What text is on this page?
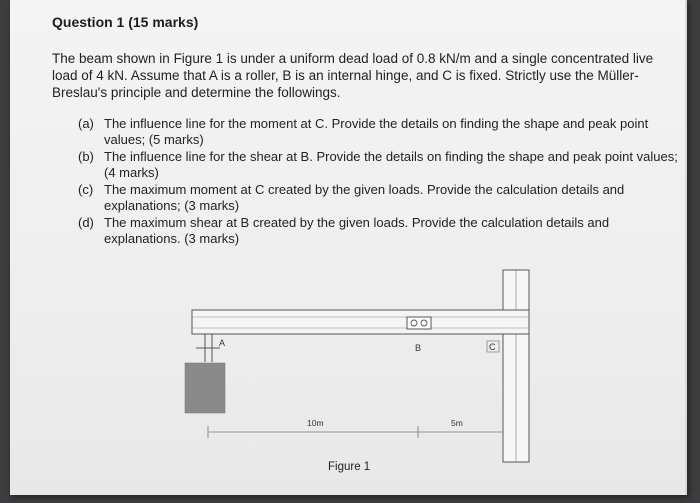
Question 1 (15 marks)
The beam shown in Figure 1 is under a uniform dead load of 0.8 kN/m and a single concentrated live load of 4 kN. Assume that A is a roller, B is an internal hinge, and C is fixed. Strictly use the Müller-Breslau's principle and determine the followings.
(a) The influence line for the moment at C. Provide the details on finding the shape and peak point values; (5 marks)
(b) The influence line for the shear at B. Provide the details on finding the shape and peak point values; (4 marks)
(c) The maximum moment at C created by the given loads. Provide the calculation details and explanations; (3 marks)
(d) The maximum shear at B created by the given loads. Provide the calculation details and explanations. (3 marks)
A	B	C
10m	5m
Figure 1
